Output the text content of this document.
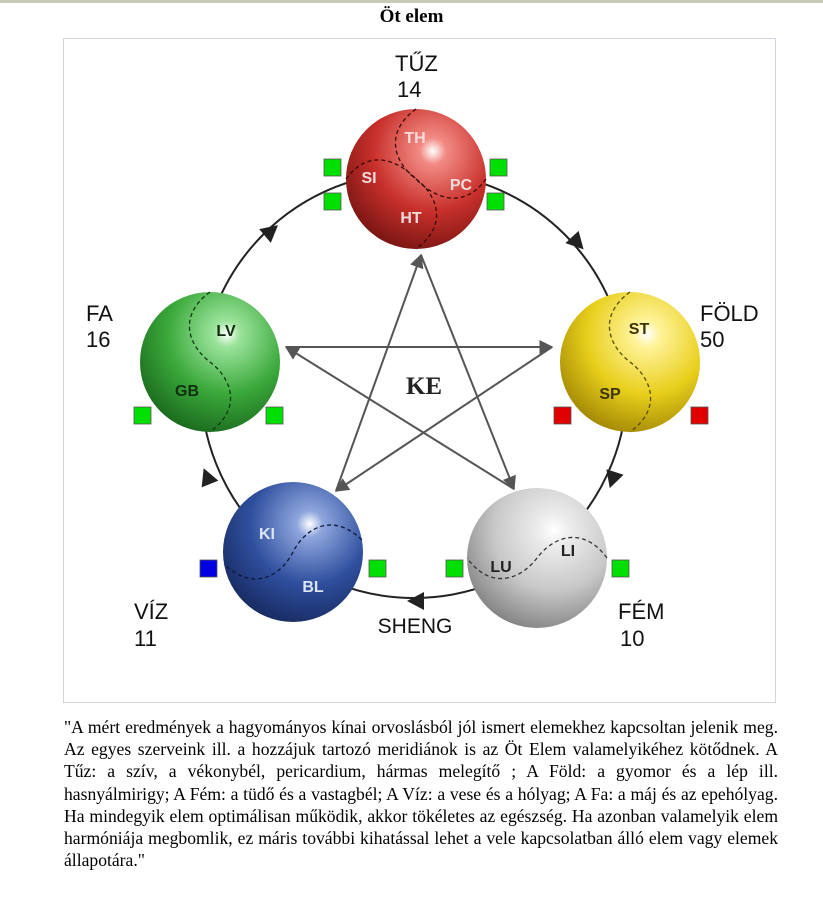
Öt elem
KE
SHENG
TH
SI	PC
HT
TŰZ
14
ST
SP
FÖLD
50
LU
LI
FÉM
10
KI
BL
VÍZ
11
LV
GB
FA
16
"A mért eredmények a hagyományos kínai orvoslásból jól ismert elemekhez kapcsoltan jelenik meg. Az egyes szerveink ill. a hozzájuk tartozó meridiánok is az Öt Elem valamelyikéhez kötődnek. A Tűz: a szív, a vékonybél, pericardium, hármas melegítő ; A Föld: a gyomor és a lép ill. hasnyálmirigy; A Fém: a tüdő és a vastagbél; A Víz: a vese és a hólyag; A Fa: a máj és az epehólyag. Ha mindegyik elem optimálisan működik, akkor tökéletes az egészség. Ha azonban valamelyik elem harmóniája megbomlik, ez máris további kihatással lehet a vele kapcsolatban álló elem vagy elemek állapotára."
